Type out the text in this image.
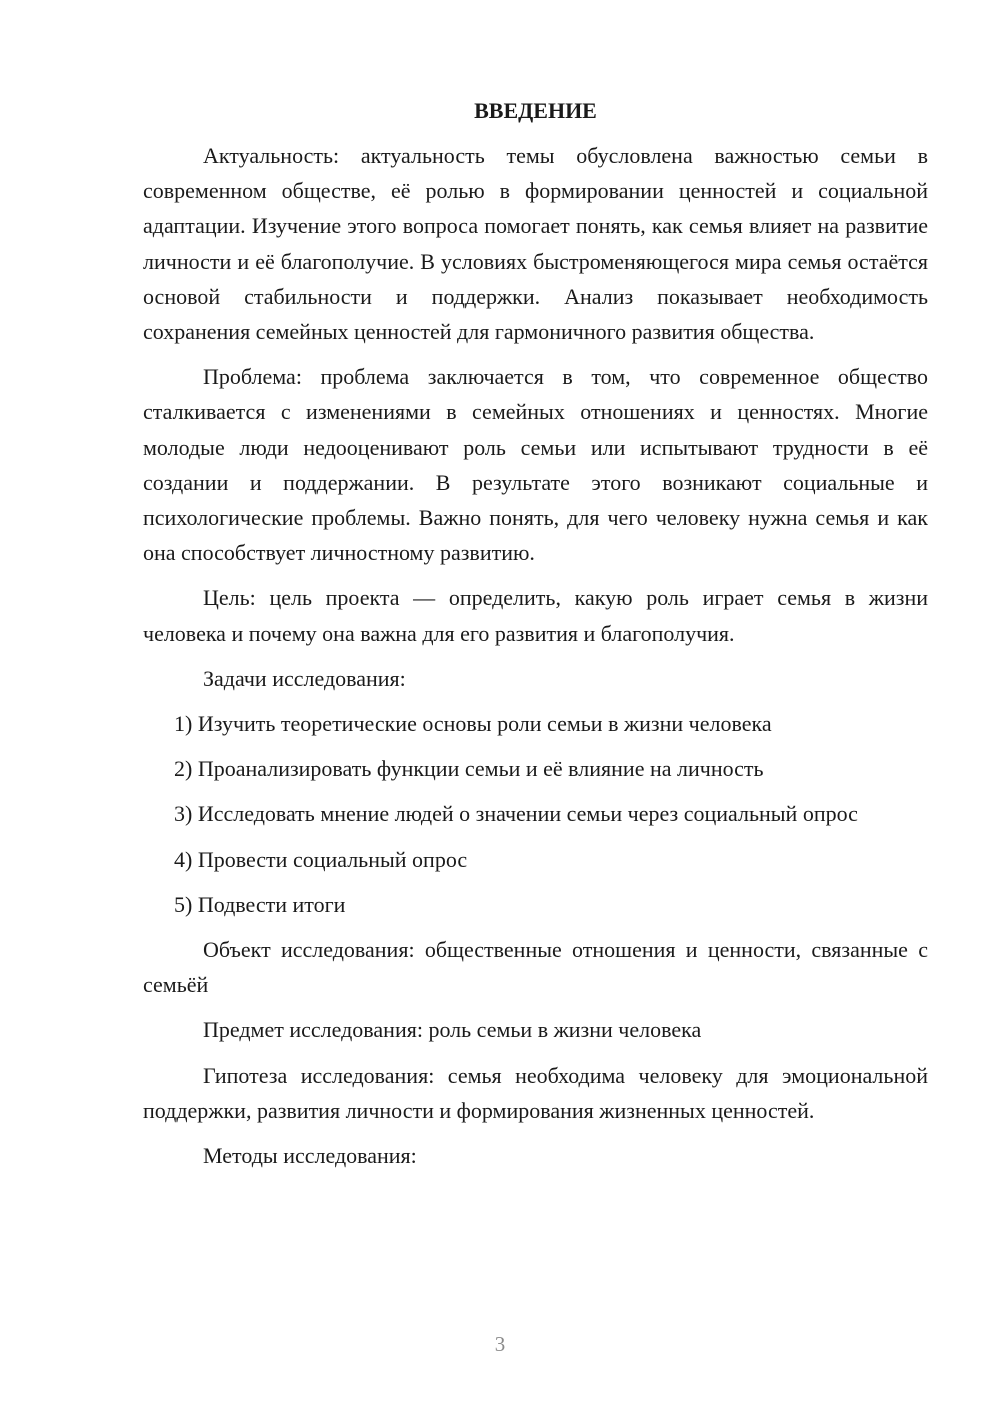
ВВЕДЕНИЕ

Актуальность: актуальность темы обусловлена важностью семьи в современном обществе, её ролью в формировании ценностей и социальной адаптации. Изучение этого вопроса помогает понять, как семья влияет на развитие личности и её благополучие. В условиях быстроменяющегося мира семья остаётся основой стабильности и поддержки. Анализ показывает необходимость сохранения семейных ценностей для гармоничного развития общества.

Проблема: проблема заключается в том, что современное общество сталкивается с изменениями в семейных отношениях и ценностях. Многие молодые люди недооценивают роль семьи или испытывают трудности в её создании и поддержании. В результате этого возникают социальные и психологические проблемы. Важно понять, для чего человеку нужна семья и как она способствует личностному развитию.

Цель: цель проекта — определить, какую роль играет семья в жизни человека и почему она важна для его развития и благополучия.

Задачи исследования:

1) Изучить теоретические основы роли семьи в жизни человека

2) Проанализировать функции семьи и её влияние на личность

3) Исследовать мнение людей о значении семьи через социальный опрос

4) Провести социальный опрос

5) Подвести итоги

Объект исследования: общественные отношения и ценности, связанные с семьёй

Предмет исследования: роль семьи в жизни человека

Гипотеза исследования: семья необходима человеку для эмоциональной поддержки, развития личности и формирования жизненных ценностей.

Методы исследования:

3
